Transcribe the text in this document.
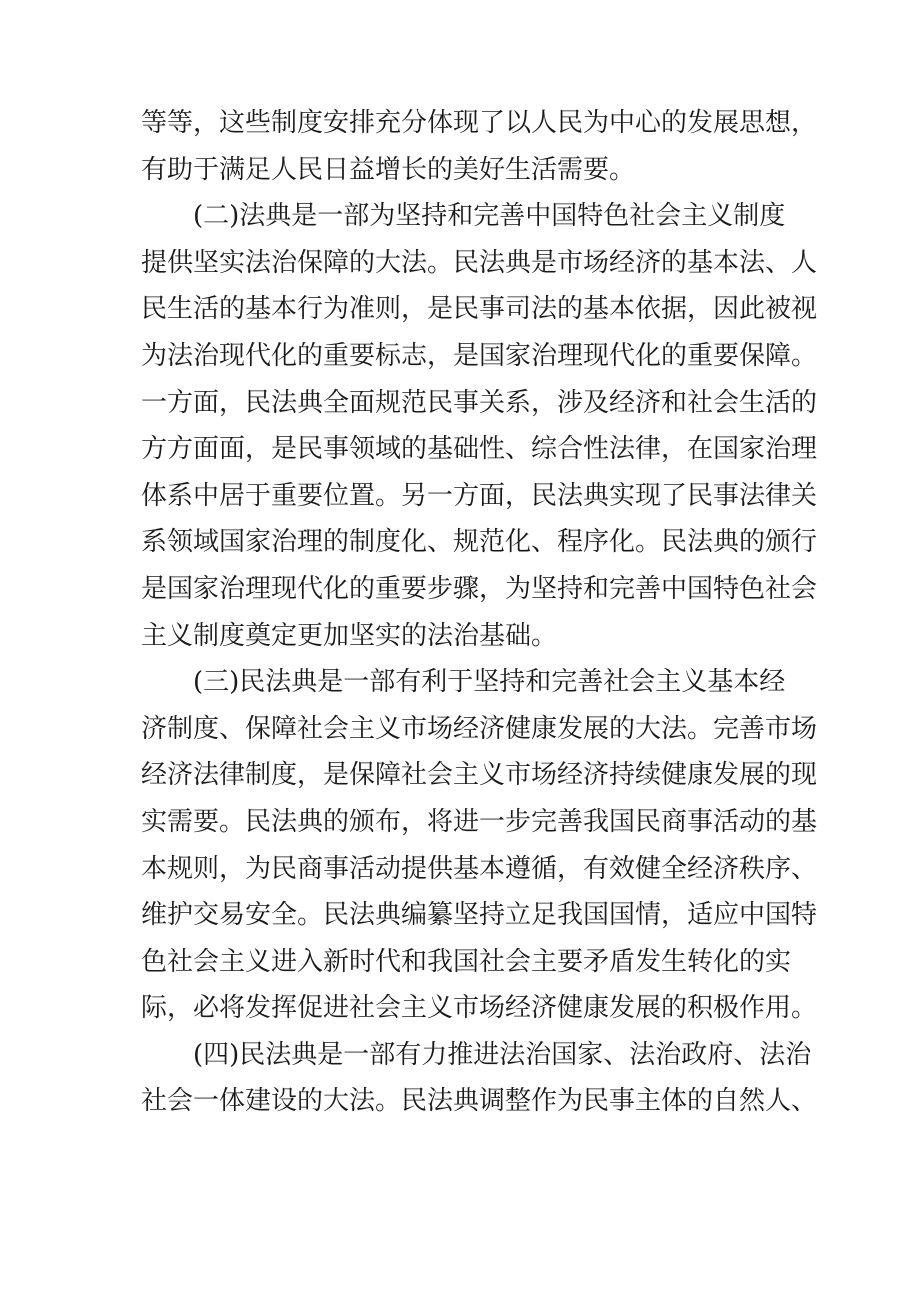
等等，这些制度安排充分体现了以人民为中心的发展思想，
有助于满足人民日益增长的美好生活需要。
(二)法典是一部为坚持和完善中国特色社会主义制度
提供坚实法治保障的大法。民法典是市场经济的基本法、人
民生活的基本行为准则，是民事司法的基本依据，因此被视
为法治现代化的重要标志，是国家治理现代化的重要保障。
一方面，民法典全面规范民事关系，涉及经济和社会生活的
方方面面，是民事领域的基础性、综合性法律，在国家治理
体系中居于重要位置。另一方面，民法典实现了民事法律关
系领域国家治理的制度化、规范化、程序化。民法典的颁行
是国家治理现代化的重要步骤，为坚持和完善中国特色社会
主义制度奠定更加坚实的法治基础。
(三)民法典是一部有利于坚持和完善社会主义基本经
济制度、保障社会主义市场经济健康发展的大法。完善市场
经济法律制度，是保障社会主义市场经济持续健康发展的现
实需要。民法典的颁布，将进一步完善我国民商事活动的基
本规则，为民商事活动提供基本遵循，有效健全经济秩序、
维护交易安全。民法典编纂坚持立足我国国情，适应中国特
色社会主义进入新时代和我国社会主要矛盾发生转化的实
际，必将发挥促进社会主义市场经济健康发展的积极作用。
(四)民法典是一部有力推进法治国家、法治政府、法治
社会一体建设的大法。民法典调整作为民事主体的自然人、
